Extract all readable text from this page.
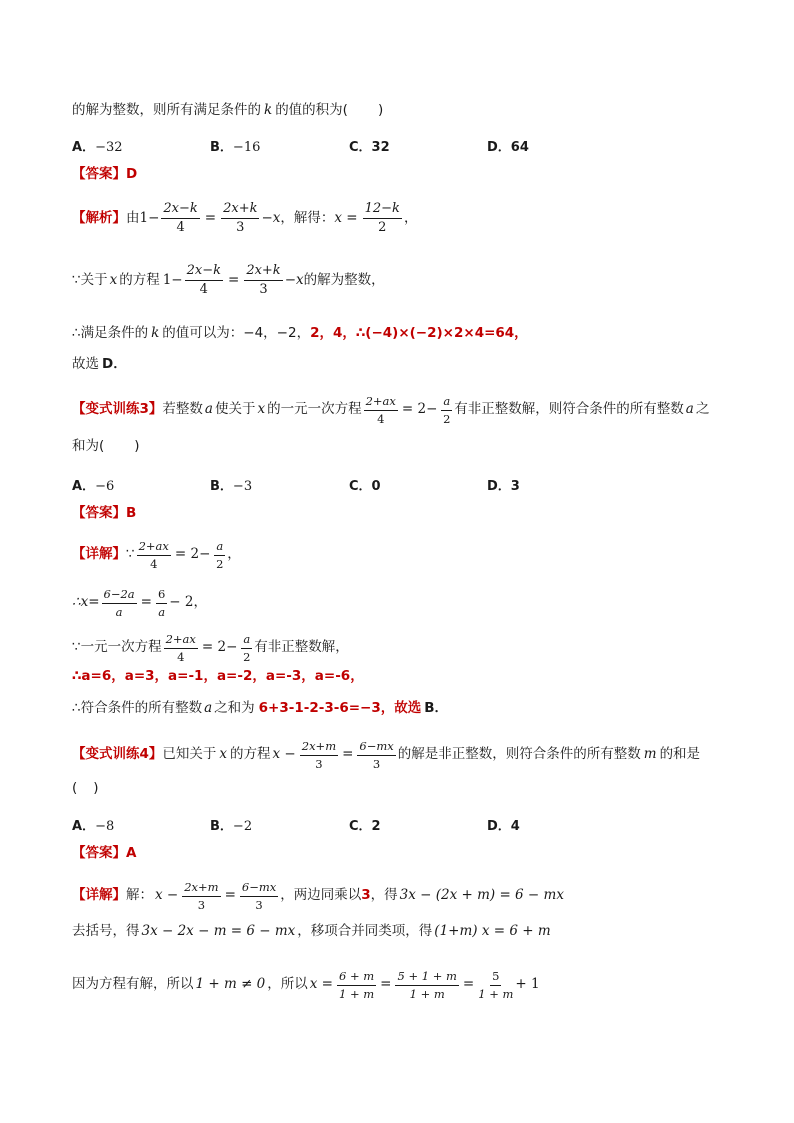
的解为整数，则所有满足条件的 k 的值的积为( )
A．−32	B．−16	C．32	D．64
【答案】 D
【解析】 由 $1- \frac{2x-k}{4} = \frac{2x+k}{3} -x$ ，解得： $x = \frac{12-k}{2}$ ，
∵关于 x 的方程 $1- \frac{2x-k}{4} = \frac{2x+k}{3} -x$ 的解为整数，
∴满足条件的 k 的值可以为：−4，−2， 2，4，∴(−4)×(−2)×2×4=64，
故选 D．
【变式训练3】 若整数 a 使关于 x 的一元一次方程 $\frac{2+ax}{4} = 2- \frac{a}{2}$ 有非正整数解，则符合条件的所有整数 a 之
和为( )
A．−6	B．−3	C．0	D．3
【答案】 B
【详解】 ∵ $\frac{2+ax}{4} = 2- \frac{a}{2}$ ，
∴x= $\frac{6-2a}{a} = \frac{6}{a} - 2$，
∵一元一次方程 $\frac{2+ax}{4} = 2- \frac{a}{2}$ 有非正整数解，
∴a=6，a=3，a=-1，a=-2，a=-3，a=-6，
∴符合条件的所有整数 a 之和为 6+3-1-2-3-6=−3，故选 B．
【变式训练4】 已知关于 x 的方程 $x - \frac{2x+m}{3} = \frac{6-mx}{3}$ 的解是非正整数，则符合条件的所有整数 m 的和是
( )
A．−8	B．−2	C．2	D．4
【答案】 A
【详解】 解： $x - \frac{2x+m}{3} = \frac{6-mx}{3}$ ，两边同乘以 3 ，得 3x − (2x + m) = 6 − mx
去括号，得 3x − 2x − m = 6 − mx ，移项合并同类项，得 (1+m) x = 6 + m
因为方程有解，所以 1 + m ≠ 0 ，所以 $x = \frac{6 + m}{1 + m} = \frac{5 + 1 + m}{1 + m} = \frac{5}{1 + m} + 1$
